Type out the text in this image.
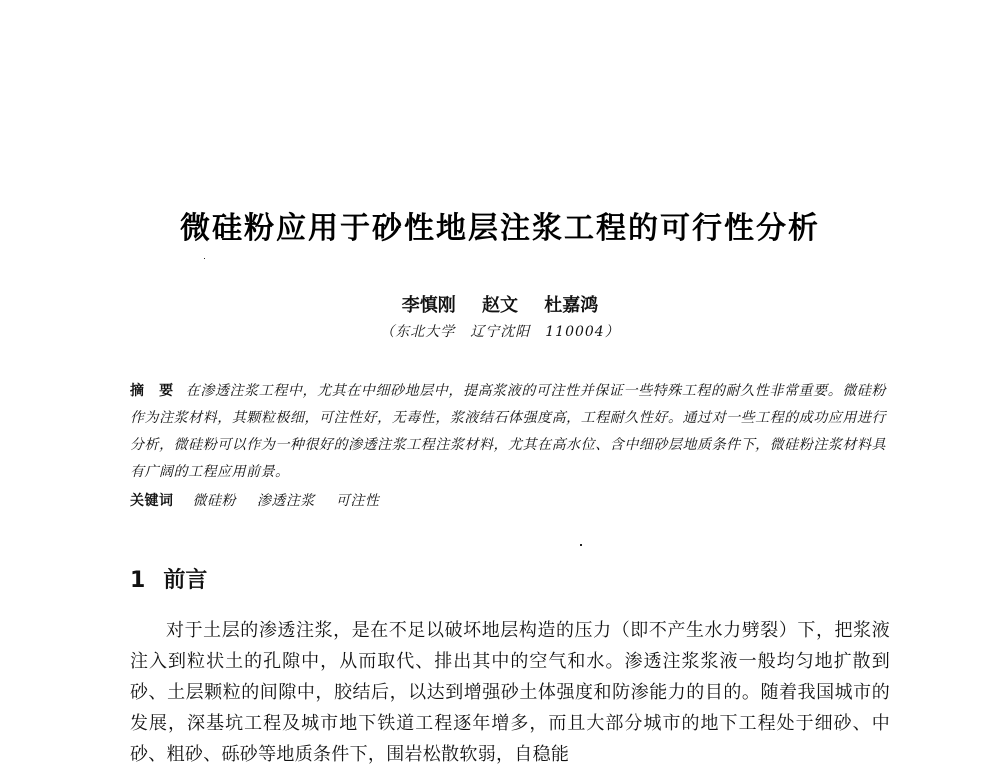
微硅粉应用于砂性地层注浆工程的可行性分析
李慎刚 赵文 杜嘉鸿
（东北大学　辽宁沈阳　110004）
摘　要 在渗透注浆工程中，尤其在中细砂地层中，提高浆液的可注性并保证一些特殊工程的耐久性非常重要。微硅粉作为注浆材料，其颗粒极细，可注性好，无毒性，浆液结石体强度高，工程耐久性好。通过对一些工程的成功应用进行分析，微硅粉可以作为一种很好的渗透注浆工程注浆材料，尤其在高水位、含中细砂层地质条件下，微硅粉注浆材料具有广阔的工程应用前景。
关键词 微硅粉 渗透注浆 可注性
1 前言
对于土层的渗透注浆，是在不足以破坏地层构造的压力（即不产生水力劈裂）下，把浆液注入到粒状土的孔隙中，从而取代、排出其中的空气和水。渗透注浆浆液一般均匀地扩散到砂、土层颗粒的间隙中，胶结后，以达到增强砂土体强度和防渗能力的目的。随着我国城市的发展，深基坑工程及城市地下铁道工程逐年增多，而且大部分城市的地下工程处于细砂、中砂、粗砂、砾砂等地质条件下，围岩松散软弱，自稳能
